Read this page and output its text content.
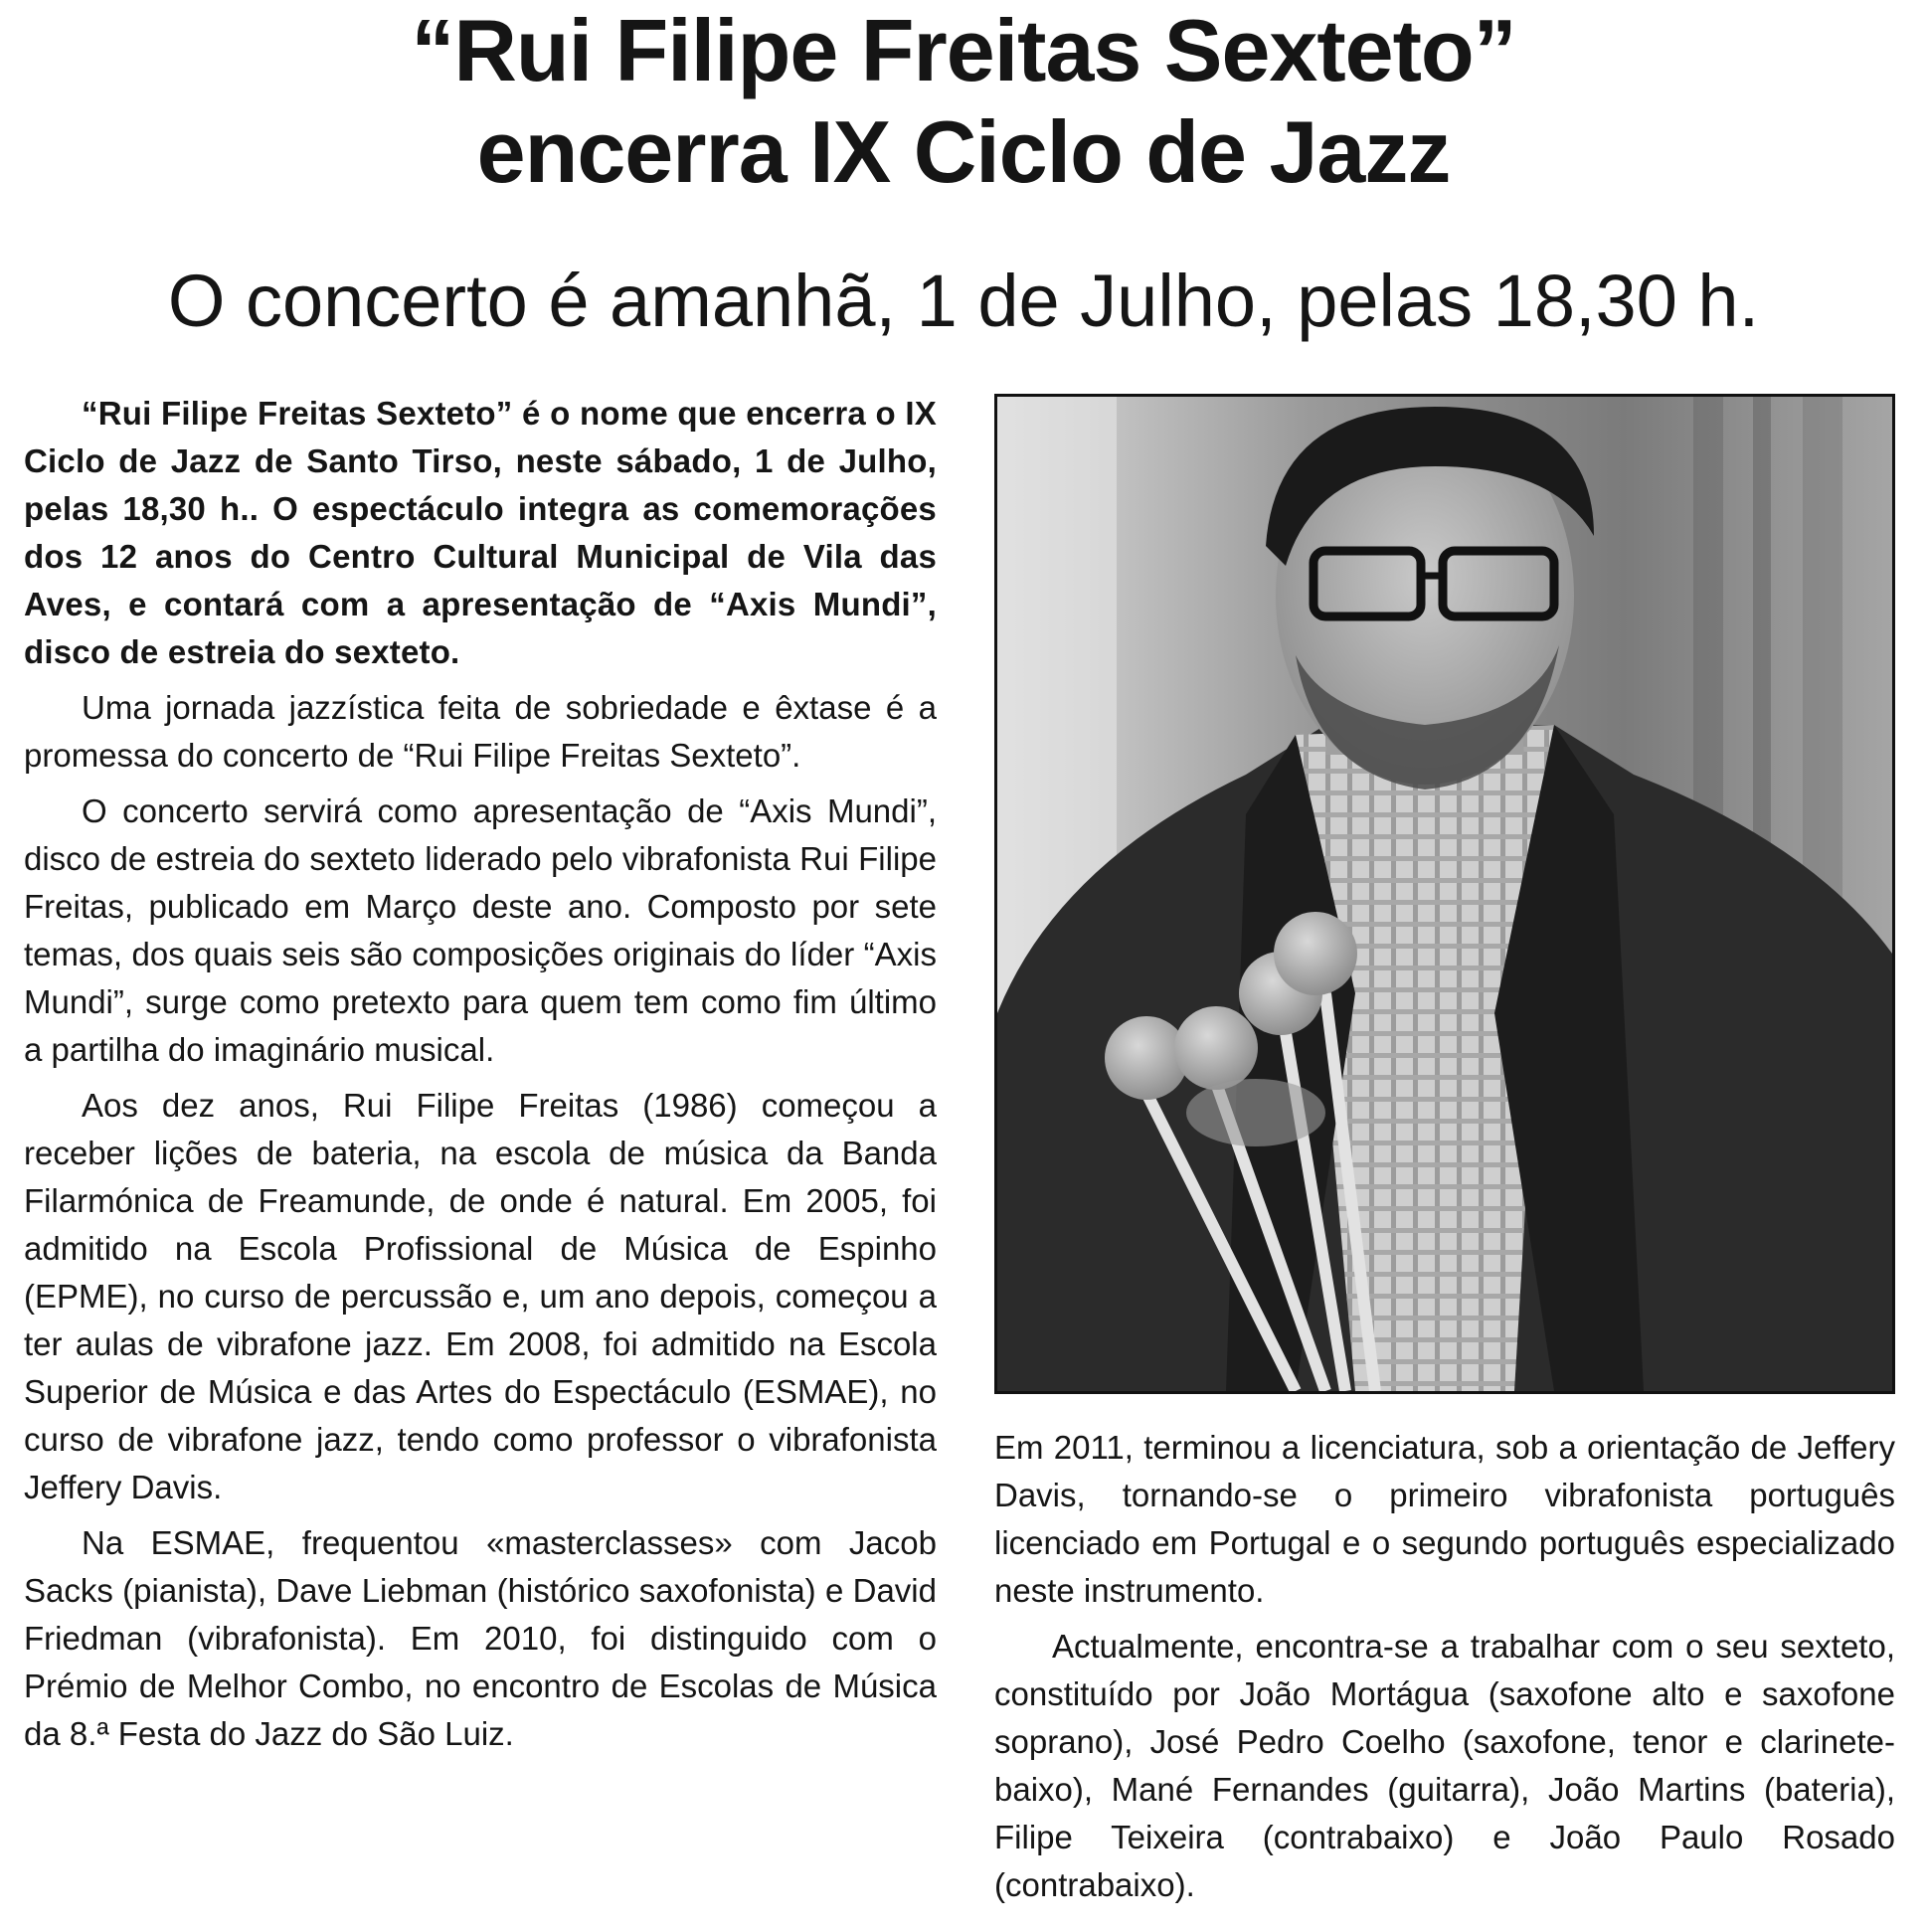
“Rui Filipe Freitas Sexteto”
encerra IX Ciclo de Jazz
O concerto é amanhã, 1 de Julho, pelas 18,30 h.

“Rui Filipe Freitas Sexteto” é o nome que encerra o IX Ciclo de Jazz de Santo Tirso, neste sábado, 1 de Julho, pelas 18,30 h.. O espectáculo integra as comemorações dos 12 anos do Centro Cultural Municipal de Vila das Aves, e contará com a apresentação de “Axis Mundi”, disco de estreia do sexteto.

Uma jornada jazzística feita de sobriedade e êxtase é a promessa do concerto de “Rui Filipe Freitas Sexteto”.

O concerto servirá como apresentação de “Axis Mundi”, disco de estreia do sexteto liderado pelo vibrafonista Rui Filipe Freitas, publicado em Março deste ano. Composto por sete temas, dos quais seis são composições originais do líder “Axis Mundi”, surge como pretexto para quem tem como fim último a partilha do imaginário musical.

Aos dez anos, Rui Filipe Freitas (1986) começou a receber lições de bateria, na escola de música da Banda Filarmónica de Freamunde, de onde é natural. Em 2005, foi admitido na Escola Profissional de Música de Espinho (EPME), no curso de percussão e, um ano depois, começou a ter aulas de vibrafone jazz. Em 2008, foi admitido na Escola Superior de Música e das Artes do Espectáculo (ESMAE), no curso de vibrafone jazz, tendo como professor o vibrafonista Jeffery Davis.

Na ESMAE, frequentou «masterclasses» com Jacob Sacks (pianista), Dave Liebman (histórico saxofonista) e David Friedman (vibrafonista). Em 2010, foi distinguido com o Prémio de Melhor Combo, no encontro de Escolas de Música da 8.ª Festa do Jazz do São Luiz.

Em 2011, terminou a licenciatura, sob a orientação de Jeffery Davis, tornando-se o primeiro vibrafonista português licenciado em Portugal e o segundo português especializado neste instrumento.

Actualmente, encontra-se a trabalhar com o seu sexteto, constituído por João Mortágua (saxofone alto e saxofone soprano), José Pedro Coelho (saxofone, tenor e clarinete-baixo), Mané Fernandes (guitarra), João Martins (bateria), Filipe Teixeira (contrabaixo) e João Paulo Rosado (contrabaixo).
